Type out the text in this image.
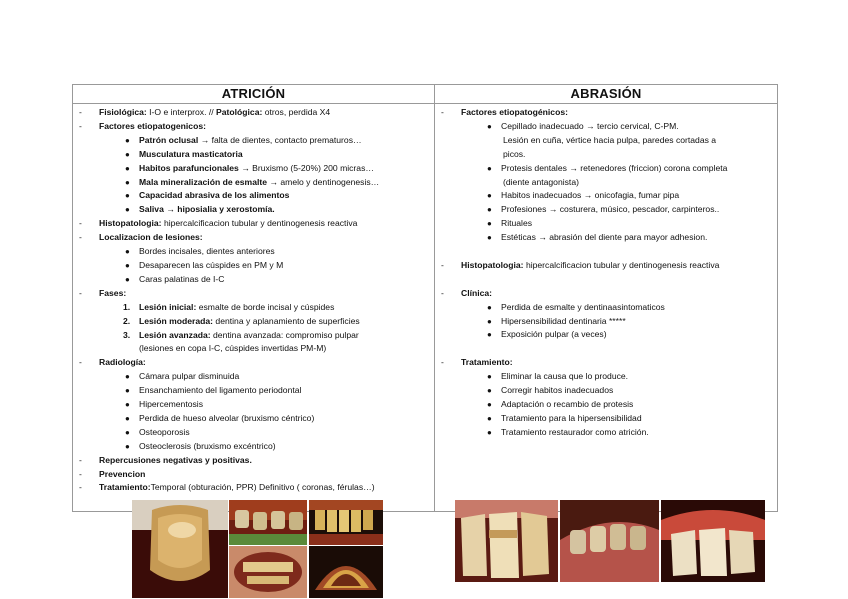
ATRICIÓN
-	Fisiológica: I-O e interprox. // Patológica: otros, perdida X4
-	Factores etiopatogenicos:
●	Patrón oclusal → falta de dientes, contacto prematuros…
●	Musculatura masticatoria
●	Habitos parafuncionales → Bruxismo (5-20%) 200 micras…
●	Mala mineralización de esmalte → amelo y dentinogenesis…
●	Capacidad abrasiva de los alimentos
●	Saliva → hiposialia y xerostomía.
-	Histopatologia: hipercalcificacion tubular y dentinogenesis reactiva
-	Localizacion de lesiones:
●	Bordes incisales, dientes anteriores
●	Desaparecen las cúspides en PM y M
●	Caras palatinas de I-C
-	Fases:
1.	Lesión inicial: esmalte de borde incisal y cúspides
2.	Lesión moderada: dentina y aplanamiento de superficies
3.	Lesión avanzada: dentina avanzada: compromiso pulpar
(lesiones en copa I-C, cúspides invertidas PM-M)
-	Radiología:
●	Cámara pulpar disminuida
●	Ensanchamiento del ligamento periodontal
●	Hipercementosis
●	Perdida de hueso alveolar (bruxismo céntrico)
●	Osteoporosis
●	Osteoclerosis (bruxismo excéntrico)
-	Repercusiones negativas y positivas.
-	Prevencion
-	Tratamiento:Temporal (obturación, PPR) Definitivo ( coronas, férulas…)
ABRASIÓN
-	Factores etiopatogénicos:
●	Cepillado inadecuado → tercio cervical, C-PM.
Lesión en cuña, vértice hacia pulpa, paredes cortadas a
picos.
●	Protesis dentales → retenedores (friccion) corona completa
(diente antagonista)
●	Habitos inadecuados → onicofagia, fumar pipa
●	Profesiones → costurera, músico, pescador, carpinteros..
●	Rituales
●	Estéticas → abrasión del diente para mayor adhesion.
-	Histopatologia: hipercalcificacion tubular y dentinogenesis reactiva
-	Clínica:
●	Perdida de esmalte y dentinaasintomaticos
●	Hipersensibilidad dentinaria *****
●	Exposición pulpar (a veces)
-	Tratamiento:
●	Eliminar la causa que lo produce.
●	Corregir habitos inadecuados
●	Adaptación o recambio de protesis
●	Tratamiento para la hipersensibilidad
●	Tratamiento restaurador como atrición.
